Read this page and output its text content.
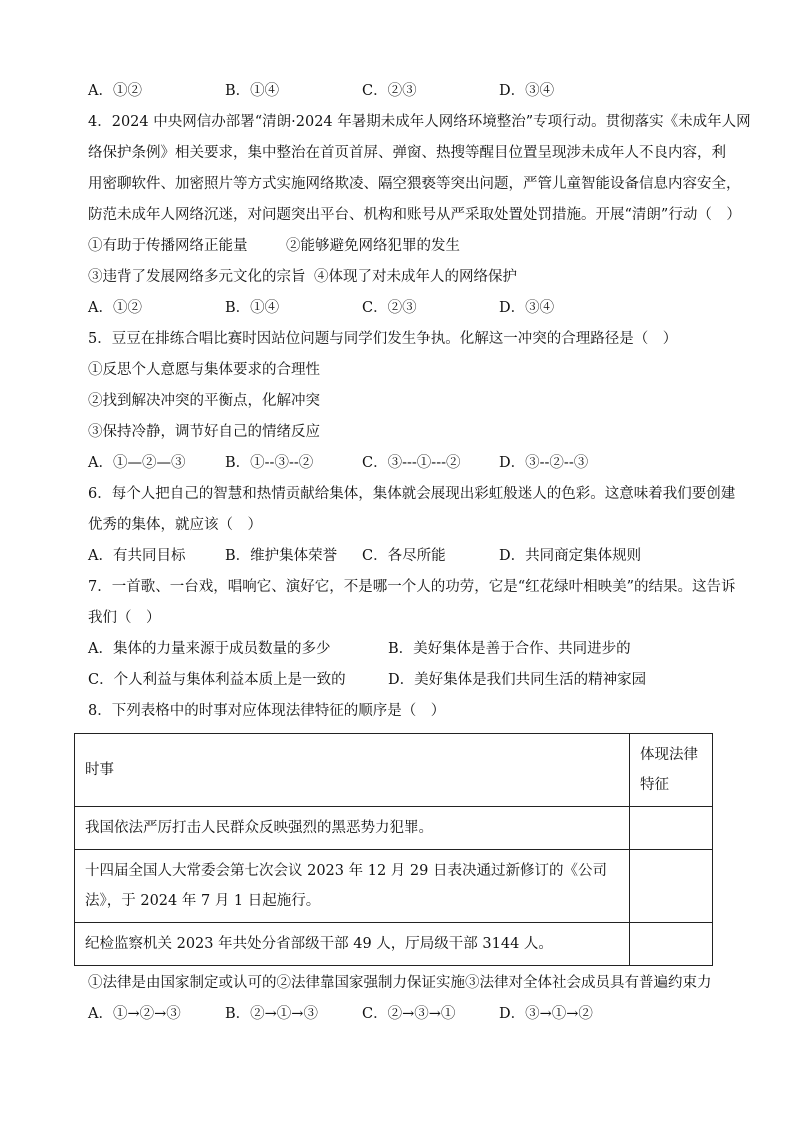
A．①②	B．①④	C．②③	D．③④
4．2024 中央网信办部署“清朗·2024 年暑期未成年人网络环境整治”专项行动。贯彻落实《未成年人网
络保护条例》相关要求，集中整治在首页首屏、弹窗、热搜等醒目位置呈现涉未成年人不良内容，利
用密聊软件、加密照片等方式实施网络欺凌、隔空猥亵等突出问题，严管儿童智能设备信息内容安全，
防范未成年人网络沉迷，对问题突出平台、机构和账号从严采取处置处罚措施。开展“清朗”行动（　）
①有助于传播网络正能量	②能够避免网络犯罪的发生
③违背了发展网络多元文化的宗旨 ④体现了对未成年人的网络保护
A．①②	B．①④	C．②③	D．③④
5．豆豆在排练合唱比赛时因站位问题与同学们发生争执。化解这一冲突的合理路径是（　）
①反思个人意愿与集体要求的合理性
②找到解决冲突的平衡点，化解冲突
③保持冷静，调节好自己的情绪反应
A．①—②—③	B．①--③--②	C．③---①---②	D．③--②--③
6．每个人把自己的智慧和热情贡献给集体，集体就会展现出彩虹般迷人的色彩。这意味着我们要创建
优秀的集体，就应该（　）
A．有共同目标	B．维护集体荣誉	C．各尽所能	D．共同商定集体规则
7．一首歌、一台戏，唱响它、演好它，不是哪一个人的功劳，它是“红花绿叶相映美”的结果。这告诉
我们（　）
A．集体的力量来源于成员数量的多少	B．美好集体是善于合作、共同进步的
C．个人利益与集体利益本质上是一致的	D．美好集体是我们共同生活的精神家园
8．下列表格中的时事对应体现法律特征的顺序是（　）
时事	体现法律特征
我国依法严厉打击人民群众反映强烈的黑恶势力犯罪。	
十四届全国人大常委会第七次会议 2023 年 12 月 29 日表决通过新修订的《公司法》，于 2024 年 7 月 1 日起施行。	
纪检监察机关 2023 年共处分省部级干部 49 人，厅局级干部 3144 人。	
①法律是由国家制定或认可的②法律靠国家强制力保证实施③法律对全体社会成员具有普遍约束力
A．①→②→③	B．②→①→③	C．②→③→①	D．③→①→②
